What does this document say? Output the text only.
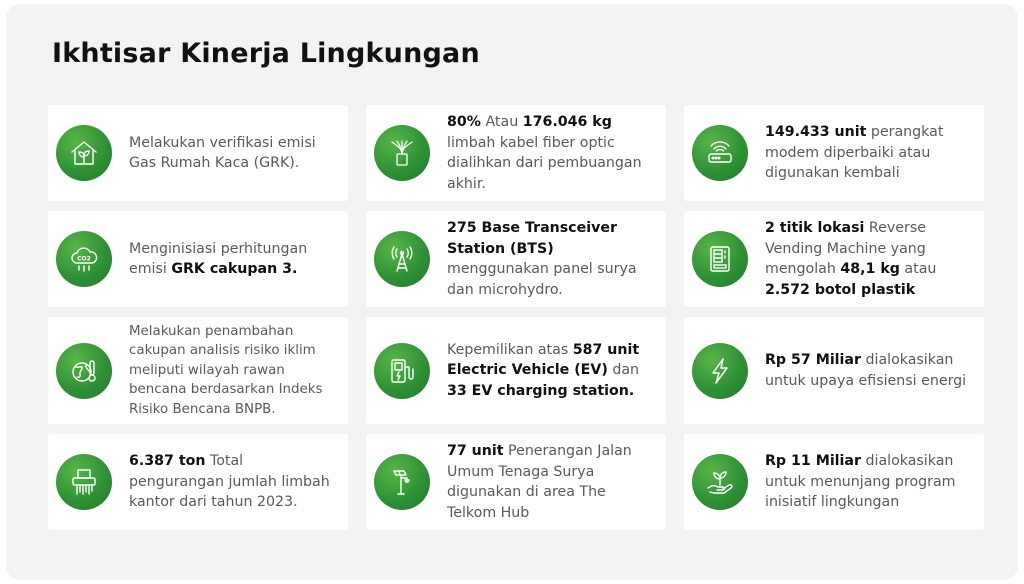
Ikhtisar Kinerja Lingkungan
Melakukan verifikasi emisi Gas Rumah Kaca (GRK).
80% Atau 176.046 kg limbah kabel fiber optic dialihkan dari pembuangan akhir.
149.433 unit perangkat modem diperbaiki atau digunakan kembali
CO2
Menginisiasi perhitungan emisi GRK cakupan 3.
275 Base Transceiver Station (BTS) menggunakan panel surya dan microhydro.
2 titik lokasi Reverse Vending Machine yang mengolah 48,1 kg atau 2.572 botol plastik
Melakukan penambahan cakupan analisis risiko iklim meliputi wilayah rawan bencana berdasarkan Indeks Risiko Bencana BNPB.
Kepemilikan atas 587 unit Electric Vehicle (EV) dan 33 EV charging station.
Rp 57 Miliar dialokasikan untuk upaya efisiensi energi
6.387 ton Total pengurangan jumlah limbah kantor dari tahun 2023.
77 unit Penerangan Jalan Umum Tenaga Surya digunakan di area The Telkom Hub
Rp 11 Miliar dialokasikan untuk menunjang program inisiatif lingkungan
